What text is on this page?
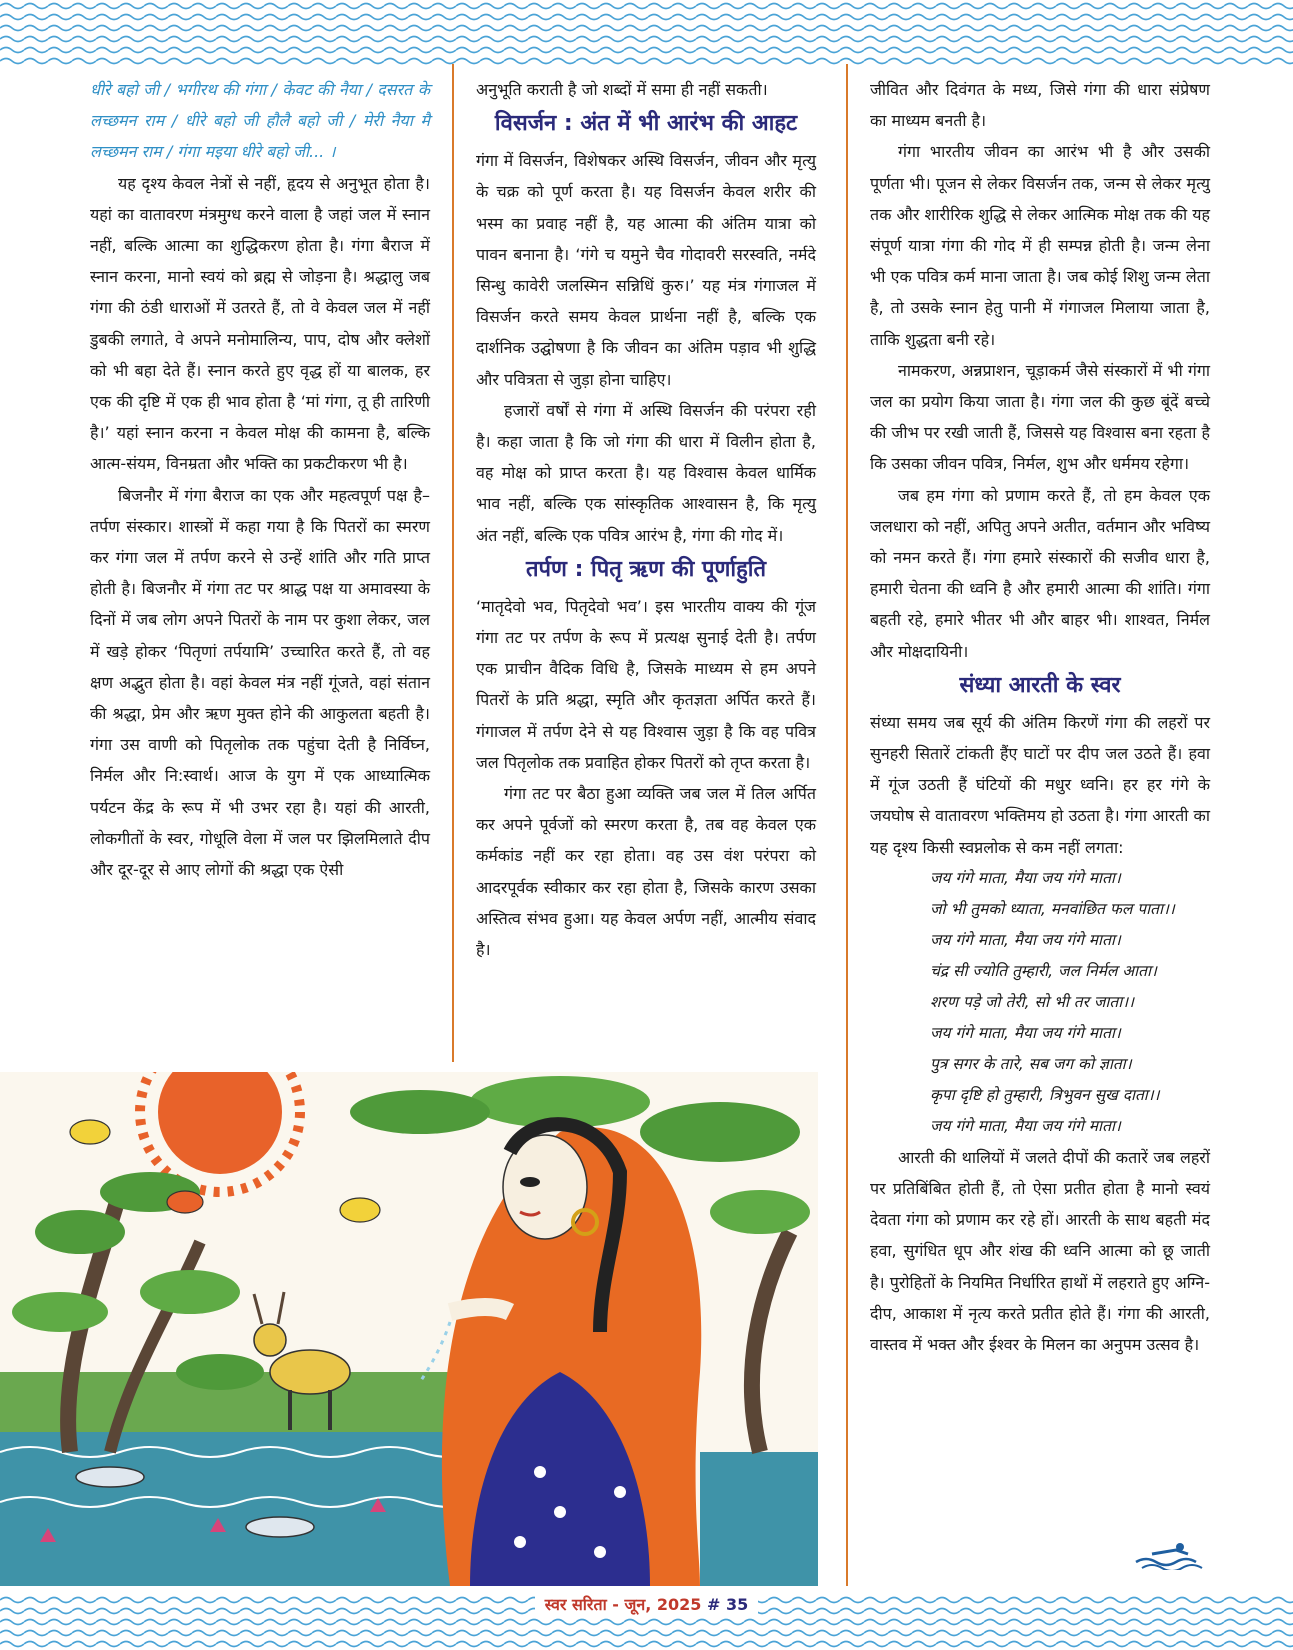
धीरे बहो जी / भगीरथ की गंगा / केवट की नैया / दसरत के लच्छमन राम / धीरे बहो जी हौलै बहो जी / मेरी नैया मै लच्छमन राम / गंगा मइया धीरे बहो जी... ।

यह दृश्य केवल नेत्रों से नहीं, हृदय से अनुभूत होता है। यहां का वातावरण मंत्रमुग्ध करने वाला है जहां जल में स्नान नहीं, बल्कि आत्मा का शुद्धिकरण होता है। गंगा बैराज में स्नान करना, मानो स्वयं को ब्रह्म से जोड़ना है। श्रद्धालु जब गंगा की ठंडी धाराओं में उतरते हैं, तो वे केवल जल में नहीं डुबकी लगाते, वे अपने मनोमालिन्य, पाप, दोष और क्लेशों को भी बहा देते हैं। स्नान करते हुए वृद्ध हों या बालक, हर एक की दृष्टि में एक ही भाव होता है ‘मां गंगा, तू ही तारिणी है।’ यहां स्नान करना न केवल मोक्ष की कामना है, बल्कि आत्म-संयम, विनम्रता और भक्ति का प्रकटीकरण भी है।

बिजनौर में गंगा बैराज का एक और महत्वपूर्ण पक्ष है– तर्पण संस्कार। शास्त्रों में कहा गया है कि पितरों का स्मरण कर गंगा जल में तर्पण करने से उन्हें शांति और गति प्राप्त होती है। बिजनौर में गंगा तट पर श्राद्ध पक्ष या अमावस्या के दिनों में जब लोग अपने पितरों के नाम पर कुशा लेकर, जल में खड़े होकर ‘पितृणां तर्पयामि’ उच्चारित करते हैं, तो वह क्षण अद्भुत होता है। वहां केवल मंत्र नहीं गूंजते, वहां संतान की श्रद्धा, प्रेम और ऋण मुक्त होने की आकुलता बहती है। गंगा उस वाणी को पितृलोक तक पहुंचा देती है निर्विघ्न, निर्मल और नि:स्वार्थ। आज के युग में एक आध्यात्मिक पर्यटन केंद्र के रूप में भी उभर रहा है। यहां की आरती, लोकगीतों के स्वर, गोधूलि वेला में जल पर झिलमिलाते दीप और दूर-दूर से आए लोगों की श्रद्धा एक ऐसी

अनुभूति कराती है जो शब्दों में समा ही नहीं सकती।

विसर्जन : अंत में भी आरंभ की आहट

गंगा में विसर्जन, विशेषकर अस्थि विसर्जन, जीवन और मृत्यु के चक्र को पूर्ण करता है। यह विसर्जन केवल शरीर की भस्म का प्रवाह नहीं है, यह आत्मा की अंतिम यात्रा को पावन बनाना है। ‘गंगे च यमुने चैव गोदावरी सरस्वति, नर्मदे सिन्धु कावेरी जलस्मिन सन्निधिं कुरु।’ यह मंत्र गंगाजल में विसर्जन करते समय केवल प्रार्थना नहीं है, बल्कि एक दार्शनिक उद्घोषणा है कि जीवन का अंतिम पड़ाव भी शुद्धि और पवित्रता से जुड़ा होना चाहिए।

हजारों वर्षों से गंगा में अस्थि विसर्जन की परंपरा रही है। कहा जाता है कि जो गंगा की धारा में विलीन होता है, वह मोक्ष को प्राप्त करता है। यह विश्वास केवल धार्मिक भाव नहीं, बल्कि एक सांस्कृतिक आश्वासन है, कि मृत्यु अंत नहीं, बल्कि एक पवित्र आरंभ है, गंगा की गोद में।

तर्पण : पितृ ऋण की पूर्णाहुति

‘मातृदेवो भव, पितृदेवो भव’। इस भारतीय वाक्य की गूंज गंगा तट पर तर्पण के रूप में प्रत्यक्ष सुनाई देती है। तर्पण एक प्राचीन वैदिक विधि है, जिसके माध्यम से हम अपने पितरों के प्रति श्रद्धा, स्मृति और कृतज्ञता अर्पित करते हैं। गंगाजल में तर्पण देने से यह विश्वास जुड़ा है कि वह पवित्र जल पितृलोक तक प्रवाहित होकर पितरों को तृप्त करता है।

गंगा तट पर बैठा हुआ व्यक्ति जब जल में तिल अर्पित कर अपने पूर्वजों को स्मरण करता है, तब वह केवल एक कर्मकांड नहीं कर रहा होता। वह उस वंश परंपरा को आदरपूर्वक स्वीकार कर रहा होता है, जिसके कारण उसका अस्तित्व संभव हुआ। यह केवल अर्पण नहीं, आत्मीय संवाद है।

जीवित और दिवंगत के मध्य, जिसे गंगा की धारा संप्रेषण का माध्यम बनती है।

गंगा भारतीय जीवन का आरंभ भी है और उसकी पूर्णता भी। पूजन से लेकर विसर्जन तक, जन्म से लेकर मृत्यु तक और शारीरिक शुद्धि से लेकर आत्मिक मोक्ष तक की यह संपूर्ण यात्रा गंगा की गोद में ही सम्पन्न होती है। जन्म लेना भी एक पवित्र कर्म माना जाता है। जब कोई शिशु जन्म लेता है, तो उसके स्नान हेतु पानी में गंगाजल मिलाया जाता है, ताकि शुद्धता बनी रहे।

नामकरण, अन्नप्राशन, चूड़ाकर्म जैसे संस्कारों में भी गंगा जल का प्रयोग किया जाता है। गंगा जल की कुछ बूंदें बच्चे की जीभ पर रखी जाती हैं, जिससे यह विश्वास बना रहता है कि उसका जीवन पवित्र, निर्मल, शुभ और धर्ममय रहेगा।

जब हम गंगा को प्रणाम करते हैं, तो हम केवल एक जलधारा को नहीं, अपितु अपने अतीत, वर्तमान और भविष्य को नमन करते हैं। गंगा हमारे संस्कारों की सजीव धारा है, हमारी चेतना की ध्वनि है और हमारी आत्मा की शांति। गंगा बहती रहे, हमारे भीतर भी और बाहर भी। शाश्वत, निर्मल और मोक्षदायिनी।

संध्या आरती के स्वर

संध्या समय जब सूर्य की अंतिम किरणें गंगा की लहरों पर सुनहरी सितारें टांकती हैंए घाटों पर दीप जल उठते हैं। हवा में गूंज उठती हैं घंटियों की मधुर ध्वनि। हर हर गंगे के जयघोष से वातावरण भक्तिमय हो उठता है। गंगा आरती का यह दृश्य किसी स्वप्नलोक से कम नहीं लगता:

जय गंगे माता, मैया जय गंगे माता।

जो भी तुमको ध्याता, मनवांछित फल पाता।।

जय गंगे माता, मैया जय गंगे माता।

चंद्र सी ज्योति तुम्हारी, जल निर्मल आता।

शरण पड़े जो तेरी, सो भी तर जाता।।

जय गंगे माता, मैया जय गंगे माता।

पुत्र सगर के तारे, सब जग को ज्ञाता।

कृपा दृष्टि हो तुम्हारी, त्रिभुवन सुख दाता।।

जय गंगे माता, मैया जय गंगे माता।

आरती की थालियों में जलते दीपों की कतारें जब लहरों पर प्रतिबिंबित होती हैं, तो ऐसा प्रतीत होता है मानो स्वयं देवता गंगा को प्रणाम कर रहे हों। आरती के साथ बहती मंद हवा, सुगंधित धूप और शंख की ध्वनि आत्मा को छू जाती है। पुरोहितों के नियमित निर्धारित हाथों में लहराते हुए अग्नि-दीप, आकाश में नृत्य करते प्रतीत होते हैं। गंगा की आरती, वास्तव में भक्त और ईश्वर के मिलन का अनुपम उत्सव है।

स्वर सरिता - जून, 2025 # 35
